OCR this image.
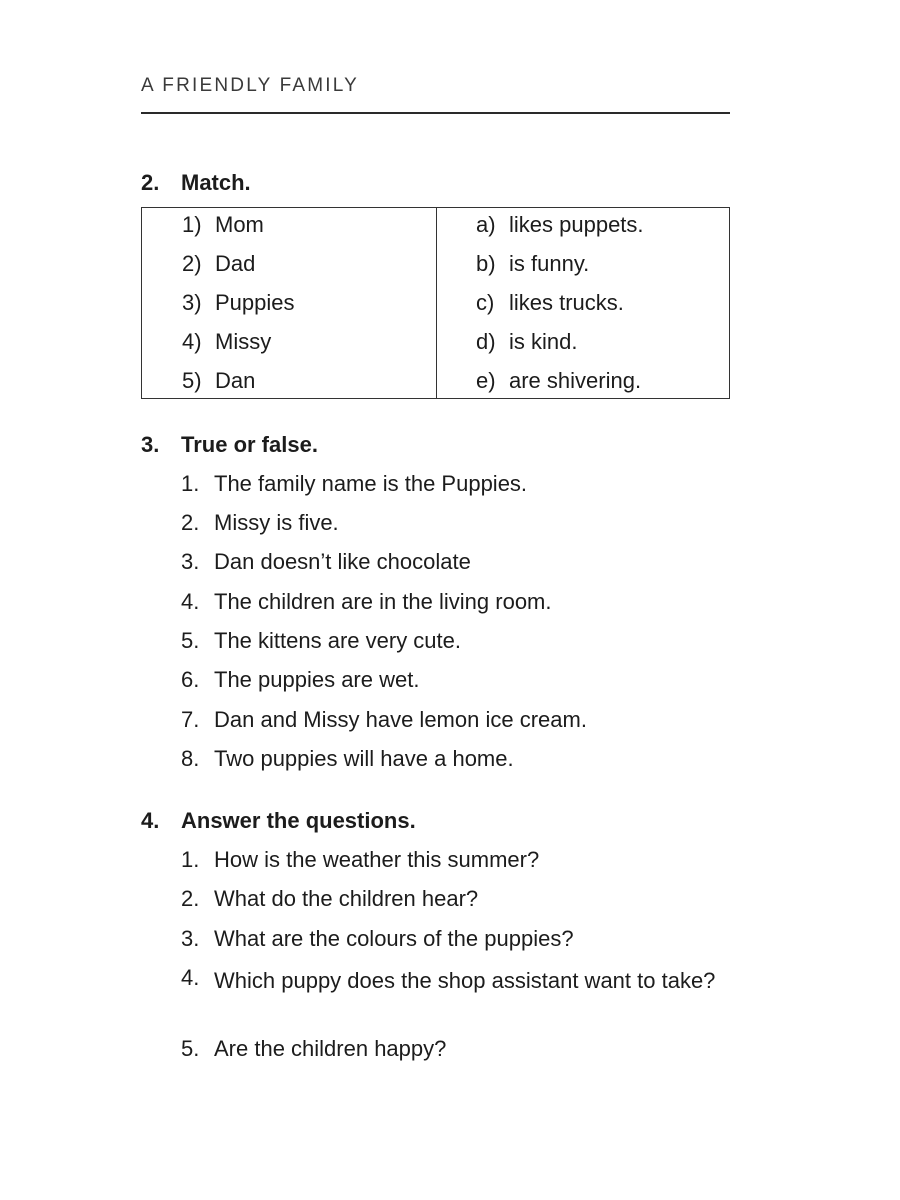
A FRIENDLY FAMILY
2. Match.
1) Mom
2) Dad
3) Puppies
4) Missy
5) Dan
a) likes puppets.
b) is funny.
c) likes trucks.
d) is kind.
e) are shivering.
3. True or false.
1. The family name is the Puppies.
2. Missy is five.
3. Dan doesn’t like chocolate
4. The children are in the living room.
5. The kittens are very cute.
6. The puppies are wet.
7. Dan and Missy have lemon ice cream.
8. Two puppies will have a home.
4. Answer the questions.
1. How is the weather this summer?
2. What do the children hear?
3. What are the colours of the puppies?
4. Which puppy does the shop assistant want to take?
5. Are the children happy?
